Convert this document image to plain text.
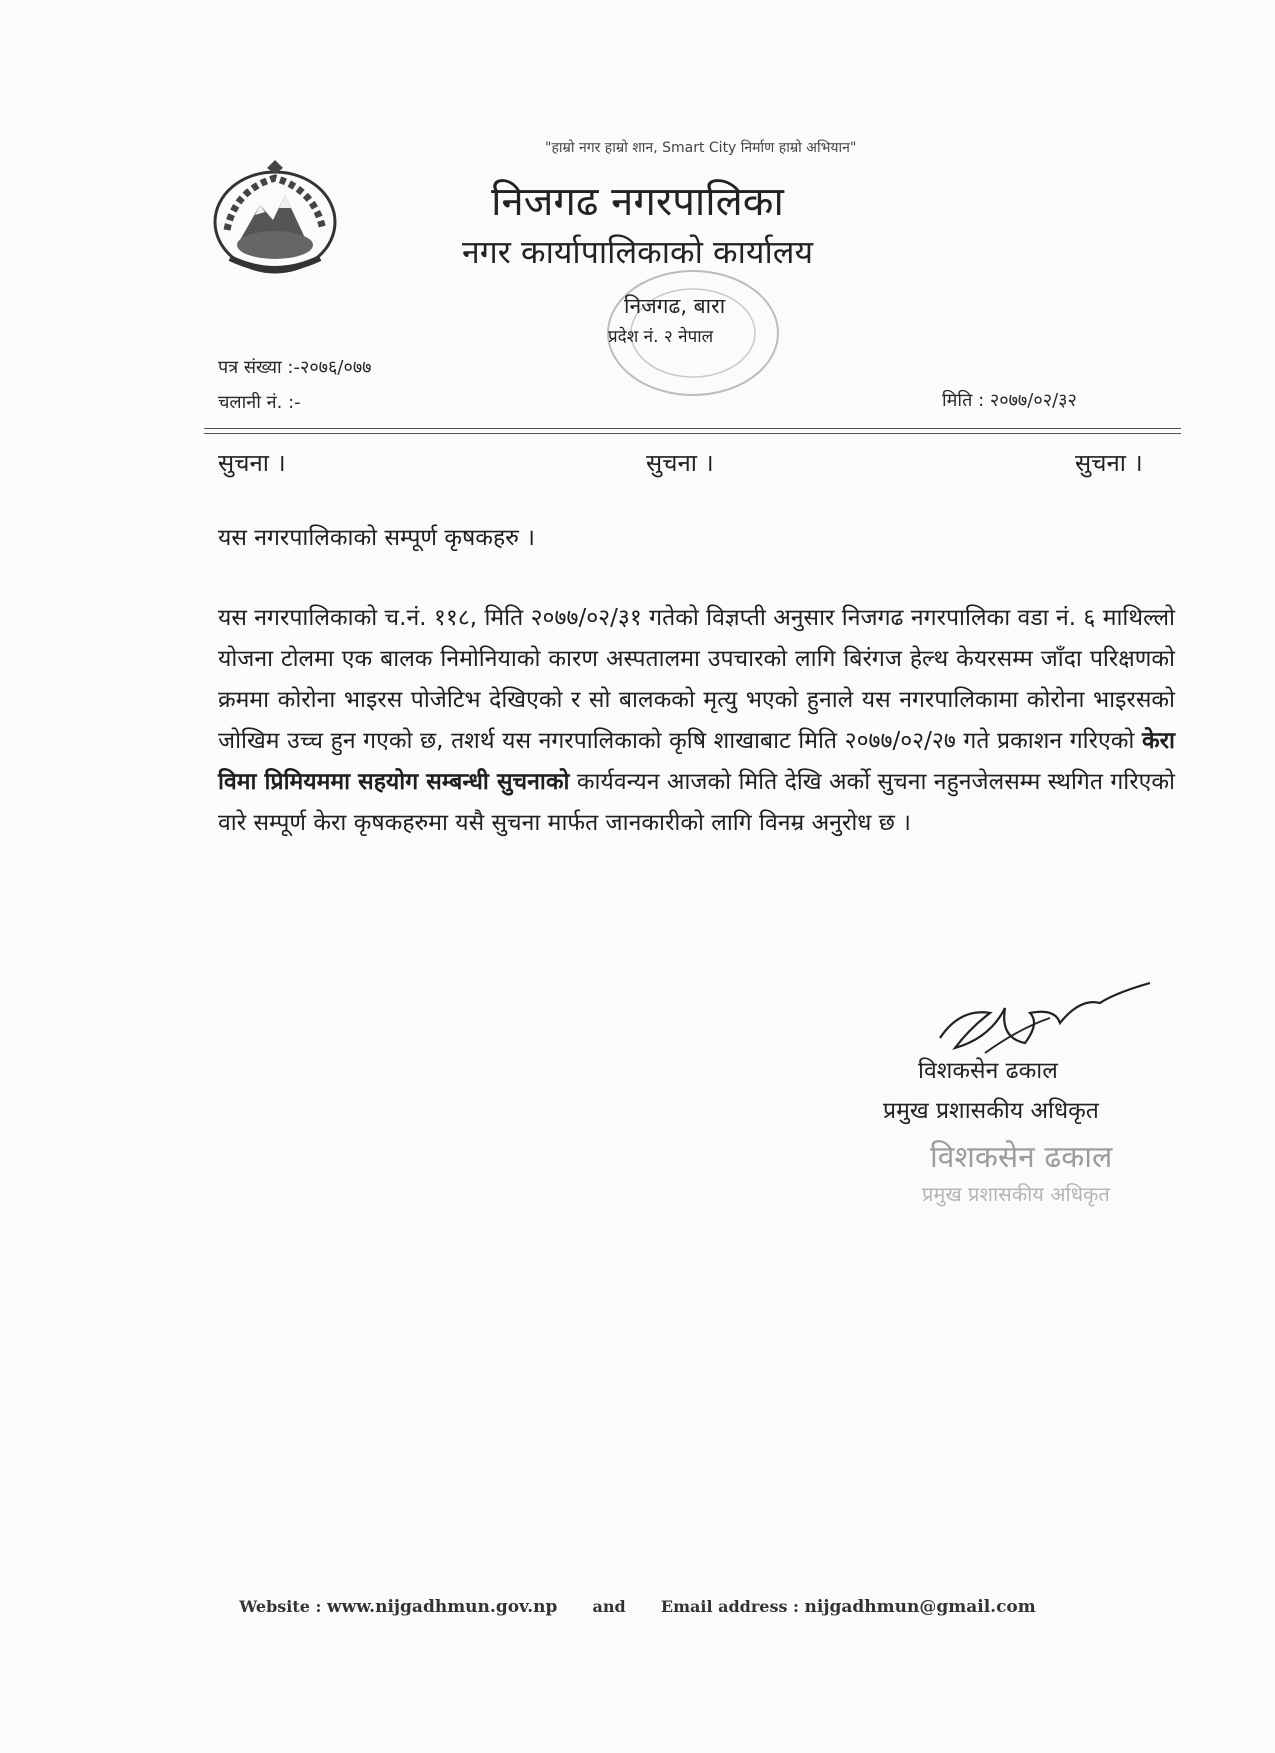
"हाम्रो नगर हाम्रो शान, Smart City निर्माण हाम्रो अभियान"
निजगढ नगरपालिका
नगर कार्यापालिकाको कार्यालय
निजगढ, बारा
प्रदेश नं. २ नेपाल
पत्र संख्या :-२०७६/०७७
चलानी नं. :-	मिति : २०७७/०२/३२
सुचना ।	सुचना ।	सुचना ।
यस नगरपालिकाको सम्पूर्ण कृषकहरु ।
यस नगरपालिकाको च.नं. ११८, मिति २०७७/०२/३१ गतेको विज्ञप्ती अनुसार निजगढ नगरपालिका वडा नं. ६ माथिल्लो योजना टोलमा एक बालक निमोनियाको कारण अस्पतालमा उपचारको लागि बिरंगज हेल्थ केयरसम्म जाँदा परिक्षणको क्रममा कोरोना भाइरस पोजेटिभ देखिएको र सो बालकको मृत्यु भएको हुनाले यस नगरपालिकामा कोरोना भाइरसको जोखिम उच्च हुन गएको छ, तशर्थ यस नगरपालिकाको कृषि शाखाबाट मिति २०७७/०२/२७ गते प्रकाशन गरिएको केरा विमा प्रिमियममा सहयोग सम्बन्धी सुचनाको कार्यवन्यन आजको मिति देखि अर्को सुचना नहुनजेलसम्म स्थगित गरिएको वारे सम्पूर्ण केरा कृषकहरुमा यसै सुचना मार्फत जानकारीको लागि विनम्र अनुरोध छ ।
विशकसेन ढकाल
प्रमुख प्रशासकीय अधिकृत
विशकसेन ढकाल
प्रमुख प्रशासकीय अधिकृत
Website : www.nijgadhmun.gov.np and Email address : nijgadhmun@gmail.com
